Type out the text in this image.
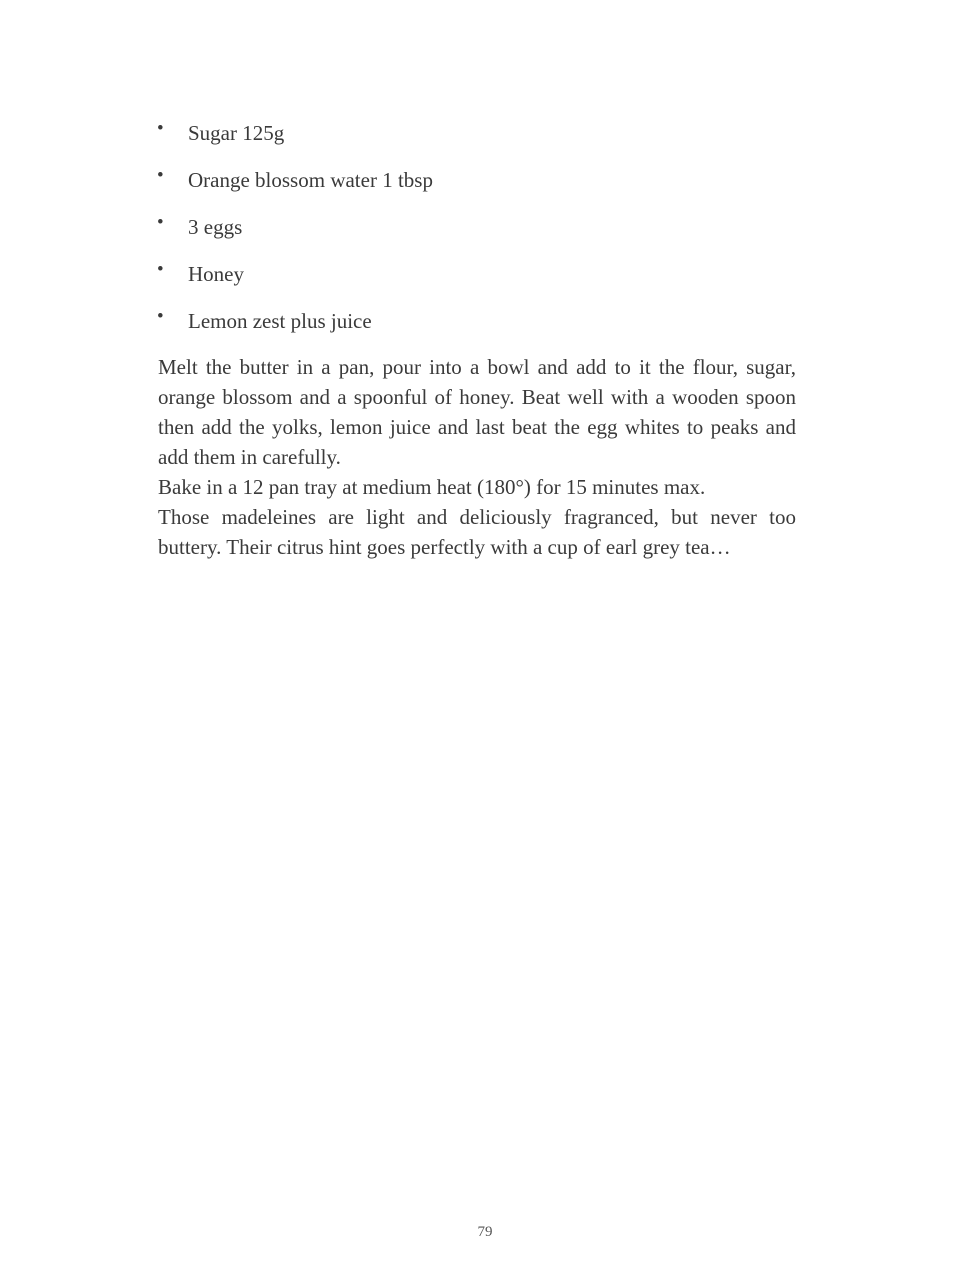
• Sugar 125g
• Orange blossom water 1 tbsp
• 3 eggs
• Honey
• Lemon zest plus juice

Melt the butter in a pan, pour into a bowl and add to it the flour, sugar, orange blossom and a spoonful of honey. Beat well with a wooden spoon then add the yolks, lemon juice and last beat the egg whites to peaks and add them in carefully.

Bake in a 12 pan tray at medium heat (180°) for 15 minutes max.

Those madeleines are light and deliciously fragranced, but never too buttery. Their citrus hint goes perfectly with a cup of earl grey tea…

79
